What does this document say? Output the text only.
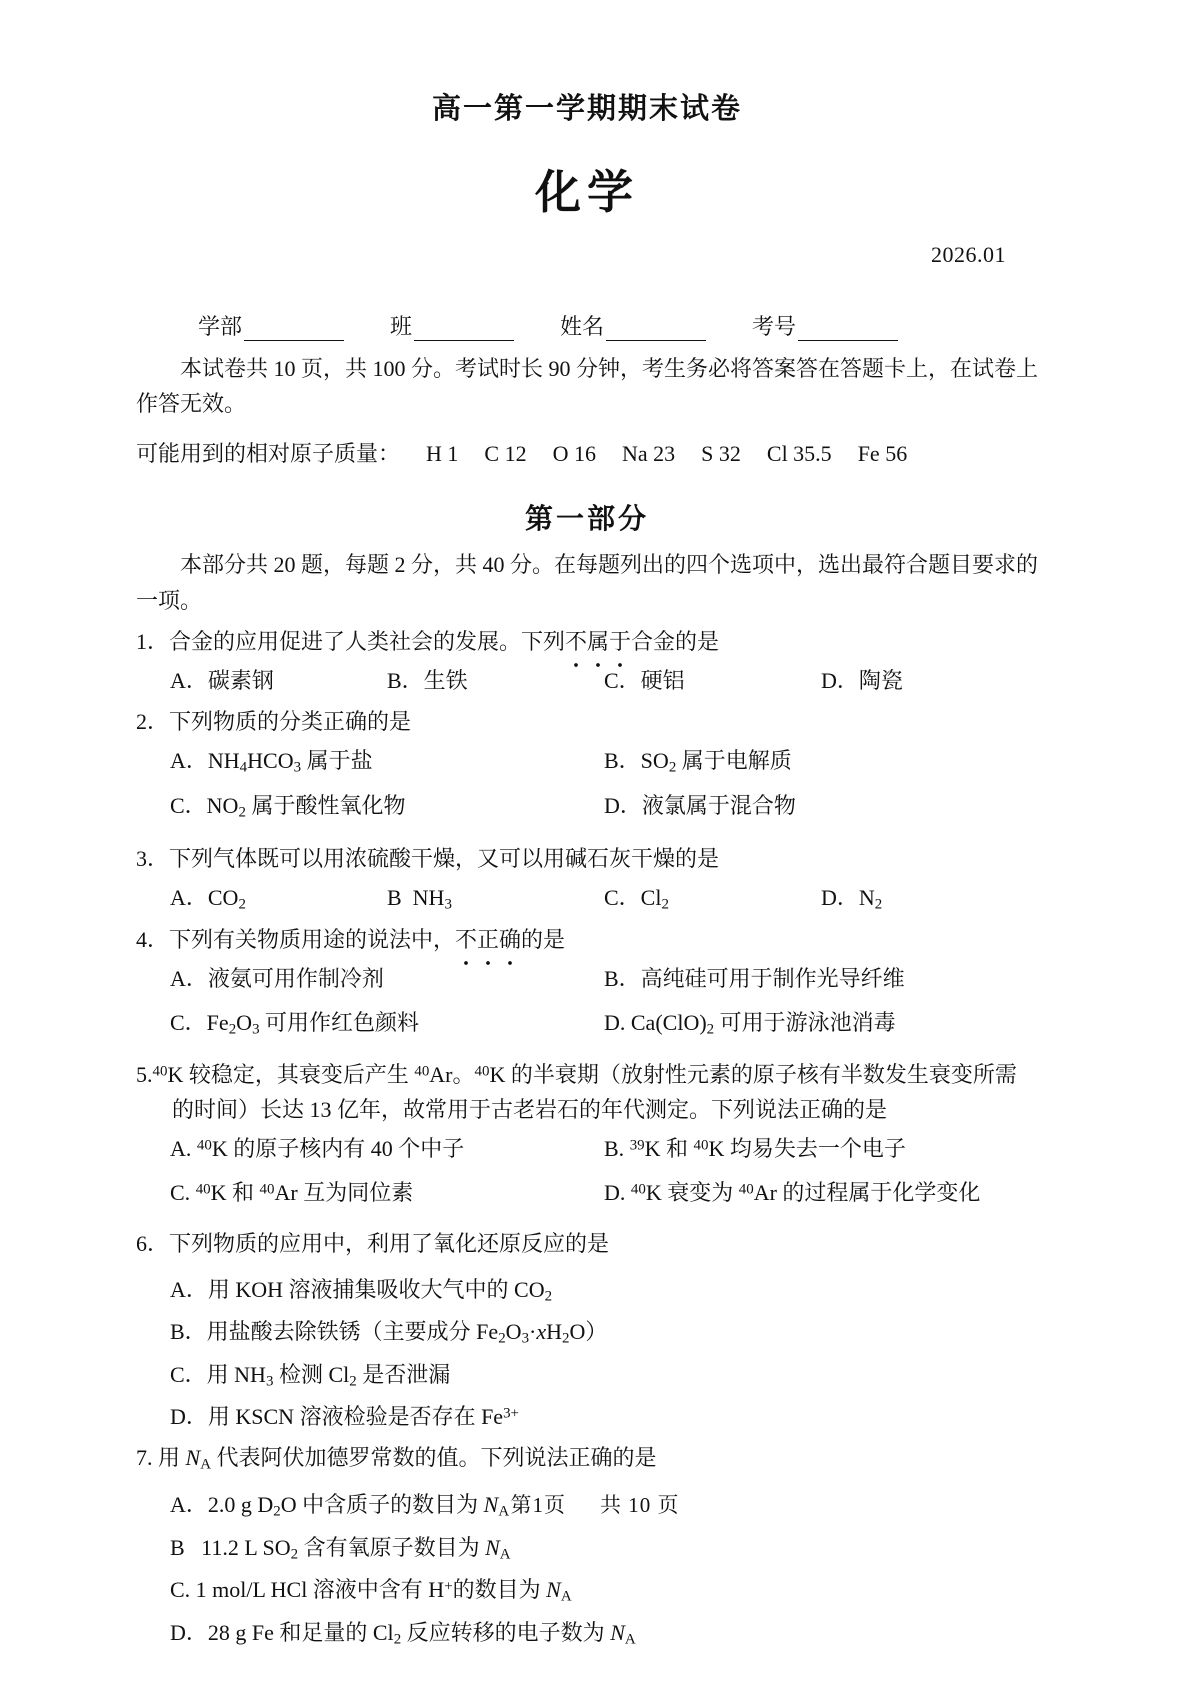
高一第一学期期末试卷
化学
2026.01
学部	班	姓名	考号

本试卷共 10 页，共 100 分。考试时长 90 分钟，考生务必将答案答在答题卡上，在试卷上作答无效。

可能用到的相对原子质量： H 1 C 12 O 16 Na 23 S 32 Cl 35.5 Fe 56
第一部分

本部分共 20 题，每题 2 分，共 40 分。在每题列出的四个选项中，选出最符合题目要求的一项。

1．合金的应用促进了人类社会的发展。下列不属于合金的是
A．碳素钢	B．生铁	C．硬铝	D．陶瓷
2．下列物质的分类正确的是
A．$NH_4HCO_3$ 属于盐	B．$SO_2$ 属于电解质
C．$NO_2$ 属于酸性氧化物	D．液氯属于混合物
3．下列气体既可以用浓硫酸干燥，又可以用碱石灰干燥的是
A．$CO_2$	B  $NH_3$	C．$Cl_2$	D．$N_2$
4．下列有关物质用途的说法中，不正确的是
A．液氨可用作制冷剂	B．高纯硅可用于制作光导纤维
C．$Fe_2O_3$ 可用作红色颜料	D. $Ca(ClO)_2$ 可用于游泳池消毒
5.40K 较稳定，其衰变后产生 $^{40}$Ar。$^{40}$K 的半衰期（放射性元素的原子核有半数发生衰变所需的时间）长达 13 亿年，故常用于古老岩石的年代测定。下列说法正确的是
A. $^{40}$K 的原子核内有 40 个中子	B. $^{39}$K 和 $^{40}$K 均易失去一个电子
C. $^{40}$K 和 $^{40}$Ar 互为同位素	D. $^{40}$K 衰变为 $^{40}$Ar 的过程属于化学变化
6．下列物质的应用中，利用了氧化还原反应的是
A．用 KOH 溶液捕集吸收大气中的 $CO_2$
B．用盐酸去除铁锈（主要成分 $Fe_2O_3\cdot xH_2O$）
C．用 $NH_3$ 检测 $Cl_2$ 是否泄漏
D．用 KSCN 溶液检验是否存在 $Fe^{3+}$
7. 用 $N_A$ 代表阿伏加德罗常数的值。下列说法正确的是
A．2.0 g $D_2O$ 中含质子的数目为 $N_A$
B   11.2 L $SO_2$ 含有氧原子数目为 $N_A$
C. 1 mol/L HCl 溶液中含有 H+的数目为 $N_A$
D．28 g Fe 和足量的 $Cl_2$ 反应转移的电子数为 $N_A$
第1页 共 10 页
